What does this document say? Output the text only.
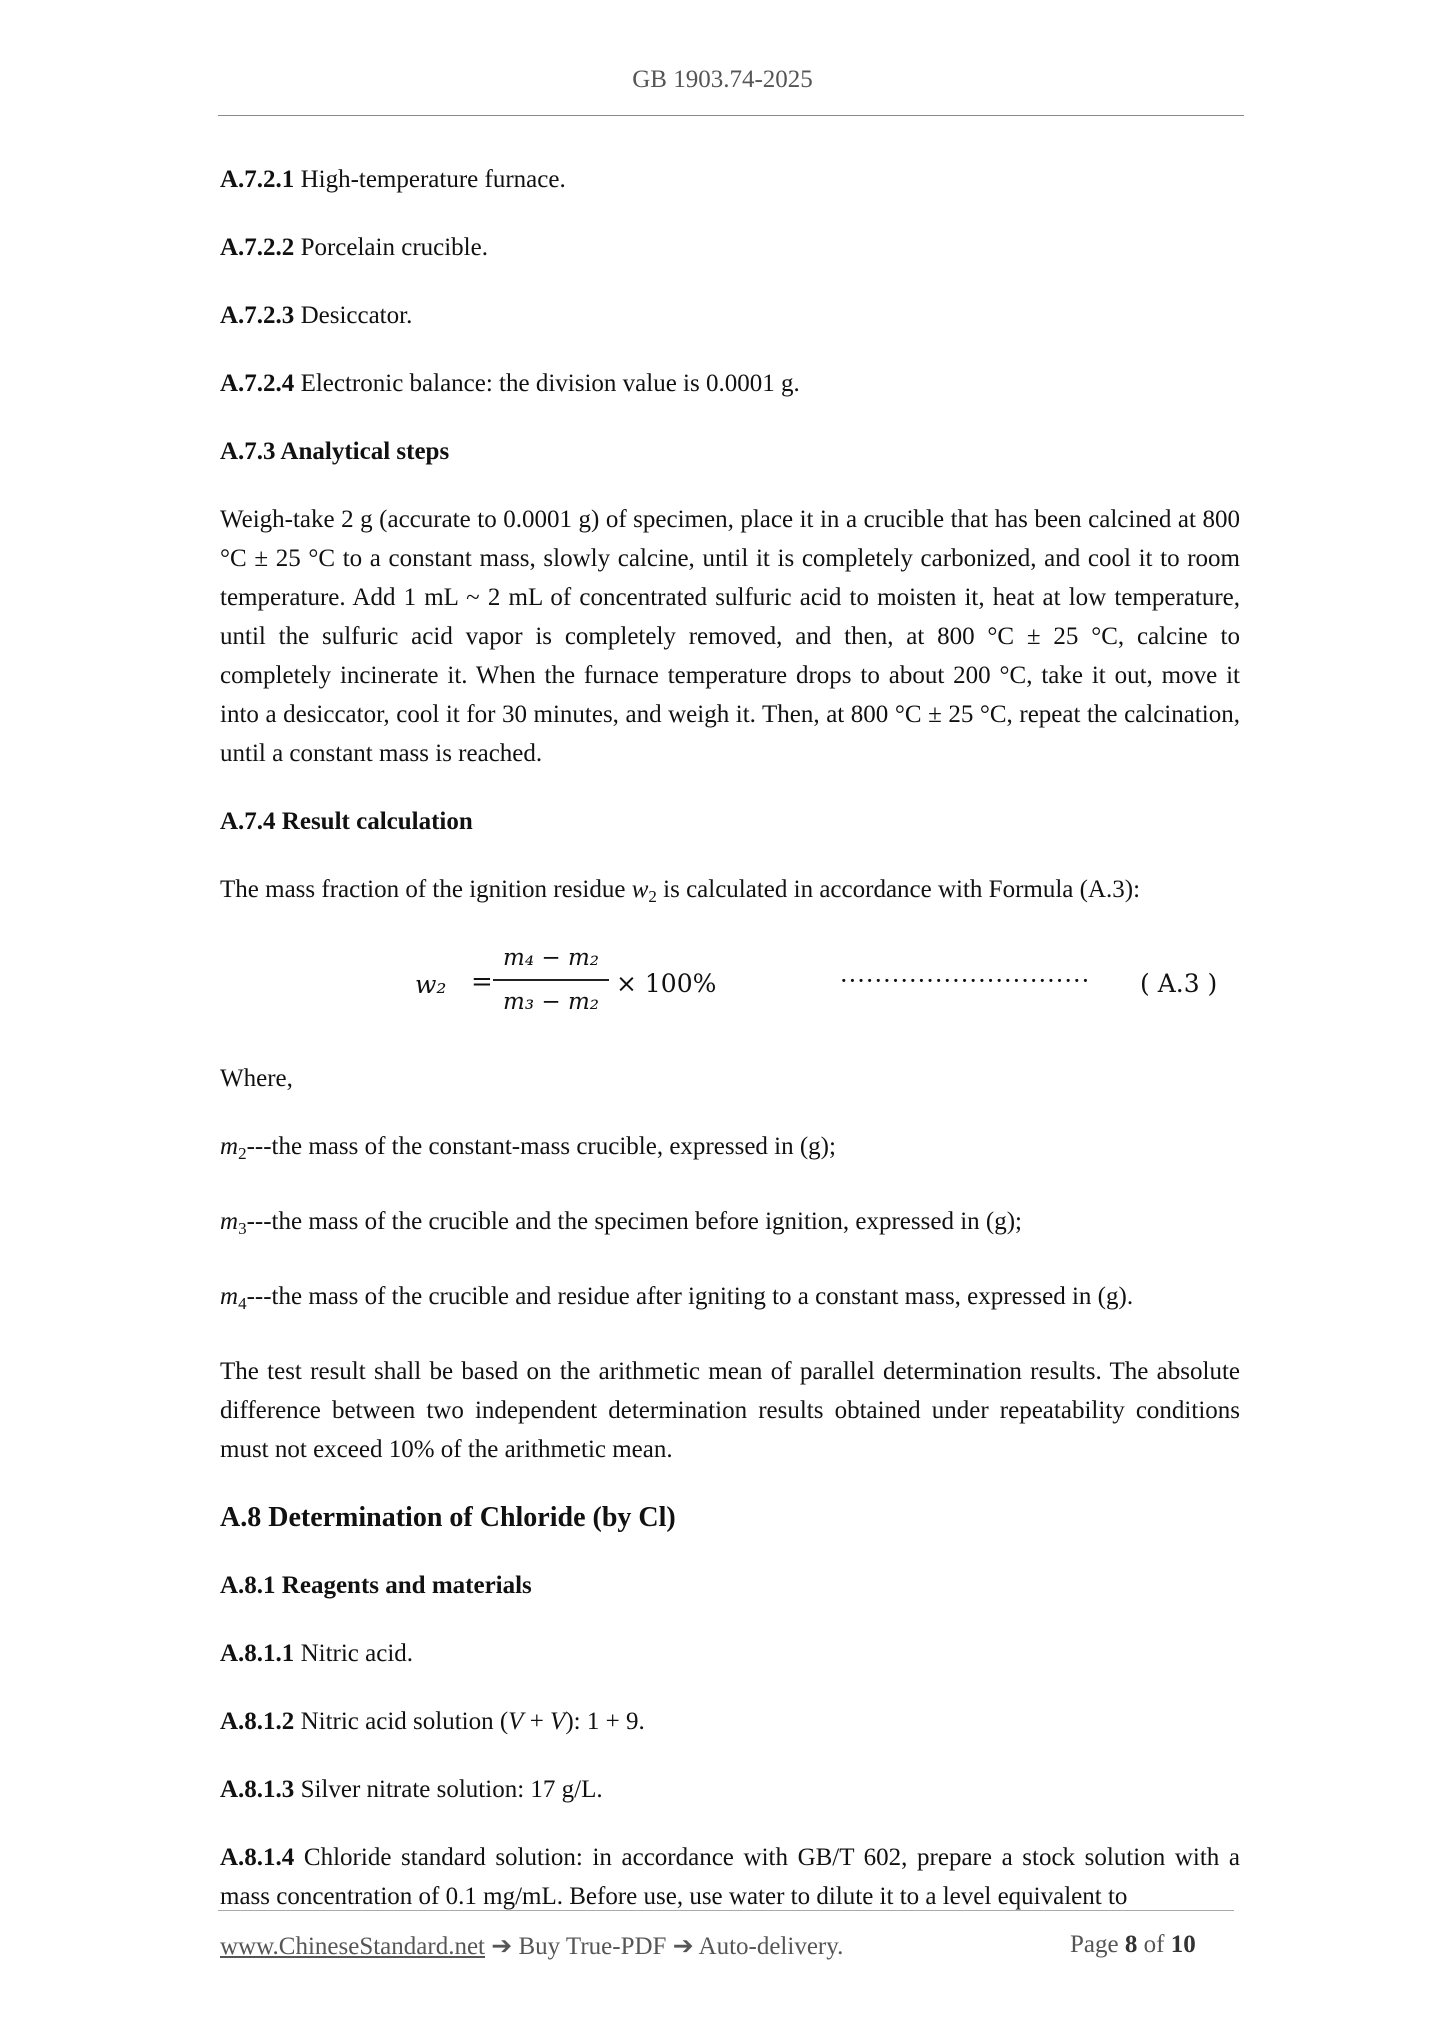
GB 1903.74-2025

A.7.2.1 High-temperature furnace.

A.7.2.2 Porcelain crucible.

A.7.2.3 Desiccator.

A.7.2.4 Electronic balance: the division value is 0.0001 g.

A.7.3 Analytical steps

Weigh-take 2 g (accurate to 0.0001 g) of specimen, place it in a crucible that has been calcined at 800 °C ± 25 °C to a constant mass, slowly calcine, until it is completely carbonized, and cool it to room temperature. Add 1 mL ~ 2 mL of concentrated sulfuric acid to moisten it, heat at low temperature, until the sulfuric acid vapor is completely removed, and then, at 800 °C ± 25 °C, calcine to completely incinerate it. When the furnace temperature drops to about 200 °C, take it out, move it into a desiccator, cool it for 30 minutes, and weigh it. Then, at 800 °C ± 25 °C, repeat the calcination, until a constant mass is reached.

A.7.4 Result calculation

The mass fraction of the ignition residue $w_2$ is calculated in accordance with Formula (A.3):

w₂ =
m₄ − m₂
m₃ − m₂
× 100%	····························· ( A.3 )

Where,

$m_2--$-the mass of the constant-mass crucible, expressed in (g);

$m_3--$-the mass of the crucible and the specimen before ignition, expressed in (g);

$m_4--$-the mass of the crucible and residue after igniting to a constant mass, expressed in (g).

The test result shall be based on the arithmetic mean of parallel determination results. The absolute difference between two independent determination results obtained under repeatability conditions must not exceed 10% of the arithmetic mean.

A.8 Determination of Chloride (by Cl)

A.8.1 Reagents and materials

A.8.1.1 Nitric acid.

A.8.1.2 Nitric acid solution (V + V): 1 + 9.

A.8.1.3 Silver nitrate solution: 17 g/L.

A.8.1.4 Chloride standard solution: in accordance with GB/T 602, prepare a stock solution with a mass concentration of 0.1 mg/mL. Before use, use water to dilute it to a level equivalent to

www.ChineseStandard.net ➔ Buy True-PDF ➔ Auto-delivery.	Page 8 of 10
